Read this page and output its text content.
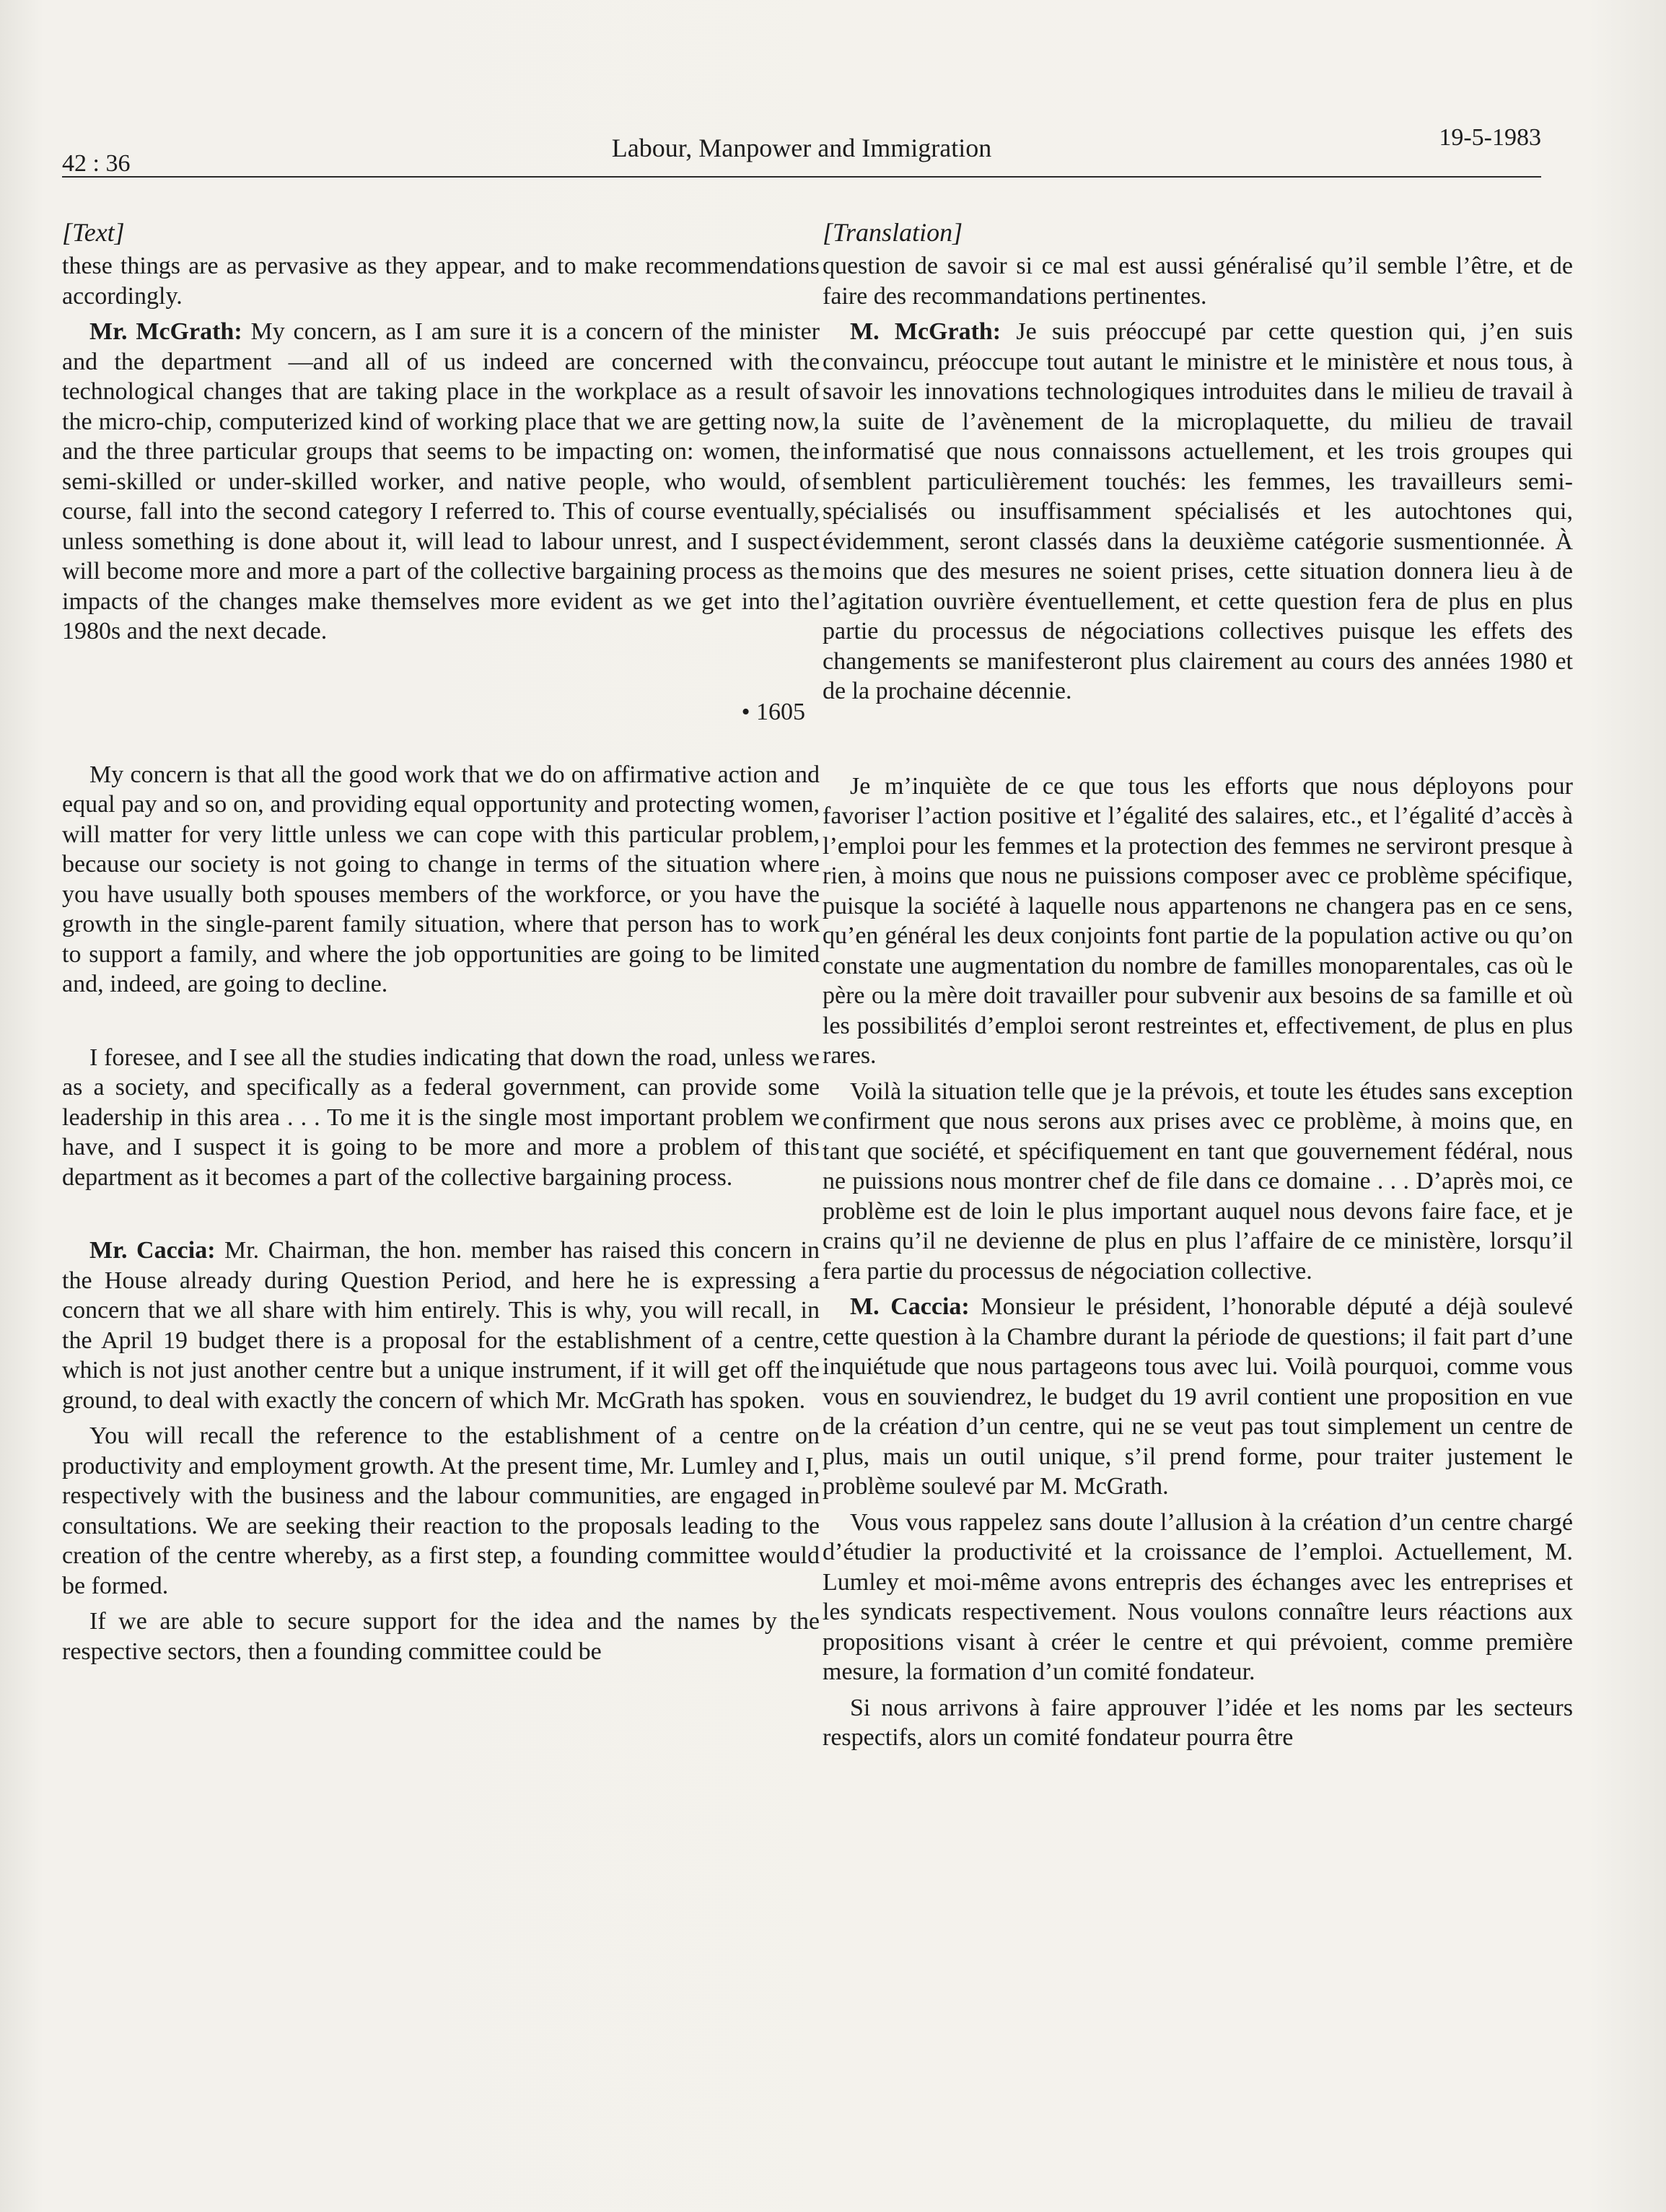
42 : 36
Labour, Manpower and Immigration	19-5-1983
[Text]

these things are as pervasive as they appear, and to make recommendations accordingly.

Mr. McGrath: My concern, as I am sure it is a concern of the minister and the department —and all of us indeed are concerned with the technological changes that are taking place in the workplace as a result of the micro-chip, computerized kind of working place that we are getting now, and the three particular groups that seems to be impacting on: women, the semi-skilled or under-skilled worker, and native people, who would, of course, fall into the second category I referred to. This of course eventually, unless something is done about it, will lead to labour unrest, and I suspect will become more and more a part of the collective bargaining process as the impacts of the changes make themselves more evident as we get into the 1980s and the next decade.

• 1605

My concern is that all the good work that we do on affirmative action and equal pay and so on, and providing equal opportunity and protecting women, will matter for very little unless we can cope with this particular problem, because our society is not going to change in terms of the situation where you have usually both spouses members of the workforce, or you have the growth in the single-parent family situation, where that person has to work to support a family, and where the job opportunities are going to be limited and, indeed, are going to decline.

I foresee, and I see all the studies indicating that down the road, unless we as a society, and specifically as a federal government, can provide some leadership in this area . . . To me it is the single most important problem we have, and I suspect it is going to be more and more a problem of this department as it becomes a part of the collective bargaining process.

Mr. Caccia: Mr. Chairman, the hon. member has raised this concern in the House already during Question Period, and here he is expressing a concern that we all share with him entirely. This is why, you will recall, in the April 19 budget there is a proposal for the establishment of a centre, which is not just another centre but a unique instrument, if it will get off the ground, to deal with exactly the concern of which Mr. McGrath has spoken.

You will recall the reference to the establishment of a centre on productivity and employment growth. At the present time, Mr. Lumley and I, respectively with the business and the labour communities, are engaged in consultations. We are seeking their reaction to the proposals leading to the creation of the centre whereby, as a first step, a founding committee would be formed.

If we are able to secure support for the idea and the names by the respective sectors, then a founding committee could be

[Translation]

question de savoir si ce mal est aussi généralisé qu’il semble l’être, et de faire des recommandations pertinentes.

M. McGrath: Je suis préoccupé par cette question qui, j’en suis convaincu, préoccupe tout autant le ministre et le ministère et nous tous, à savoir les innovations technologiques introduites dans le milieu de travail à la suite de l’avènement de la microplaquette, du milieu de travail informatisé que nous connaissons actuellement, et les trois groupes qui semblent particulièrement touchés: les femmes, les travailleurs semi-spécialisés ou insuffisamment spécialisés et les autochtones qui, évidemment, seront classés dans la deuxième catégorie susmentionnée. À moins que des mesures ne soient prises, cette situation donnera lieu à de l’agitation ouvrière éventuellement, et cette question fera de plus en plus partie du processus de négociations collectives puisque les effets des changements se manifesteront plus clairement au cours des années 1980 et de la prochaine décennie.

Je m’inquiète de ce que tous les efforts que nous déployons pour favoriser l’action positive et l’égalité des salaires, etc., et l’égalité d’accès à l’emploi pour les femmes et la protection des femmes ne serviront presque à rien, à moins que nous ne puissions composer avec ce problème spécifique, puisque la société à laquelle nous appartenons ne changera pas en ce sens, qu’en général les deux conjoints font partie de la population active ou qu’on constate une augmentation du nombre de familles monoparentales, cas où le père ou la mère doit travailler pour subvenir aux besoins de sa famille et où les possibilités d’emploi seront restreintes et, effectivement, de plus en plus rares.

Voilà la situation telle que je la prévois, et toute les études sans exception confirment que nous serons aux prises avec ce problème, à moins que, en tant que société, et spécifiquement en tant que gouvernement fédéral, nous ne puissions nous montrer chef de file dans ce domaine . . . D’après moi, ce problème est de loin le plus important auquel nous devons faire face, et je crains qu’il ne devienne de plus en plus l’affaire de ce ministère, lorsqu’il fera partie du processus de négociation collective.

M. Caccia: Monsieur le président, l’honorable député a déjà soulevé cette question à la Chambre durant la période de questions; il fait part d’une inquiétude que nous partageons tous avec lui. Voilà pourquoi, comme vous vous en souviendrez, le budget du 19 avril contient une proposition en vue de la création d’un centre, qui ne se veut pas tout simplement un centre de plus, mais un outil unique, s’il prend forme, pour traiter justement le problème soulevé par M. McGrath.

Vous vous rappelez sans doute l’allusion à la création d’un centre chargé d’étudier la productivité et la croissance de l’emploi. Actuellement, M. Lumley et moi-même avons entrepris des échanges avec les entreprises et les syndicats respectivement. Nous voulons connaître leurs réactions aux propositions visant à créer le centre et qui prévoient, comme première mesure, la formation d’un comité fondateur.

Si nous arrivons à faire approuver l’idée et les noms par les secteurs respectifs, alors un comité fondateur pourra être
